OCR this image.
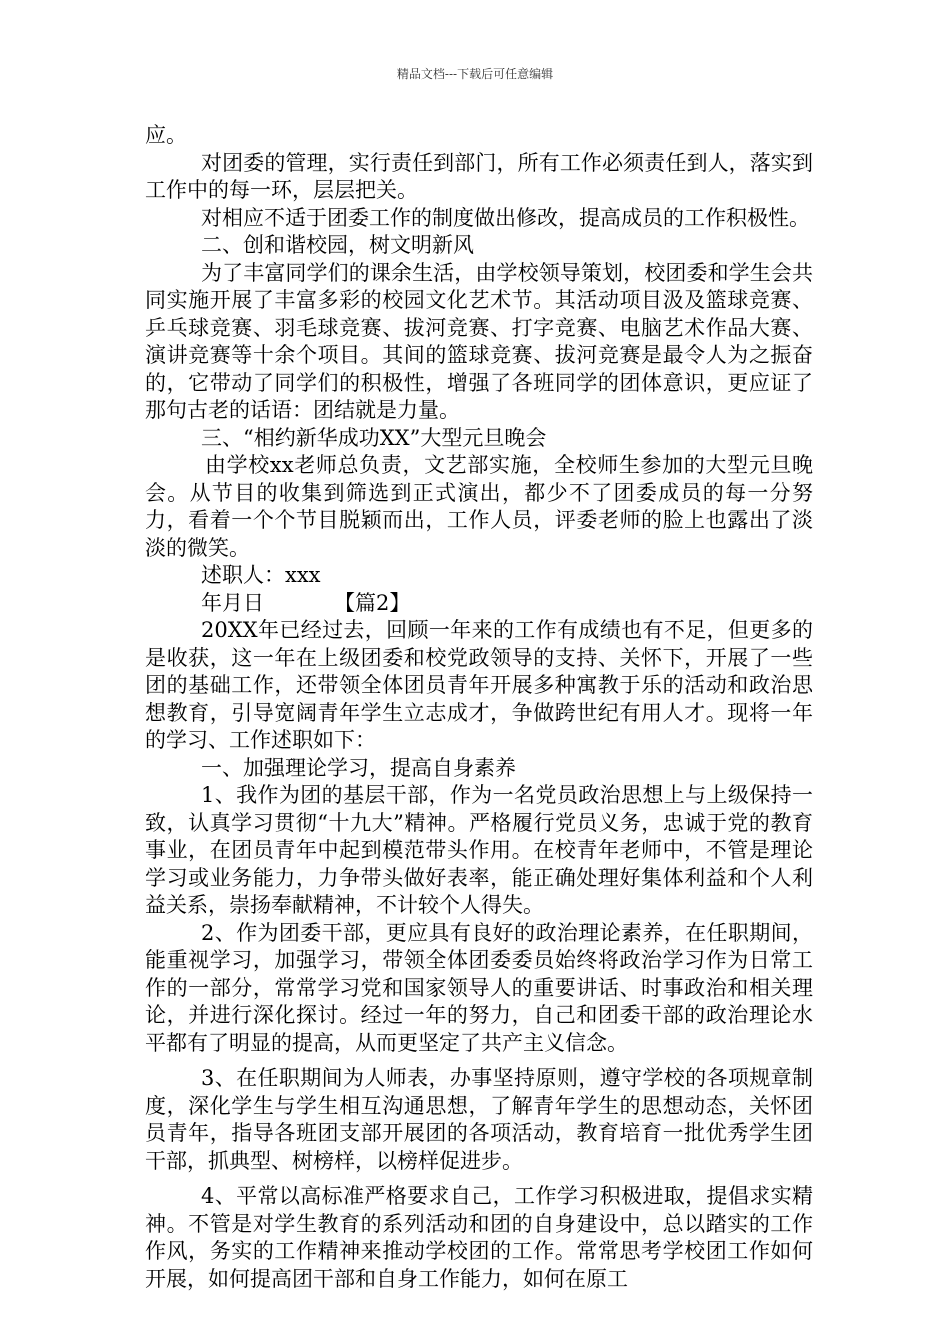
精品文档---下载后可任意编辑

应。

对团委的管理，实行责任到部门，所有工作必须责任到人，落实到工作中的每一环，层层把关。

对相应不适于团委工作的制度做出修改，提高成员的工作积极性。

二、创和谐校园，树文明新风

为了丰富同学们的课余生活，由学校领导策划，校团委和学生会共同实施开展了丰富多彩的校园文化艺术节。其活动项目汲及篮球竞赛、乒乓球竞赛、羽毛球竞赛、拔河竞赛、打字竞赛、电脑艺术作品大赛、演讲竞赛等十余个项目。其间的篮球竞赛、拔河竞赛是最令人为之振奋的，它带动了同学们的积极性，增强了各班同学的团体意识，更应证了那句古老的话语：团结就是力量。

三、“相约新华成功XX”大型元旦晚会

由学校xx老师总负责，文艺部实施，全校师生参加的大型元旦晚会。从节目的收集到筛选到正式演出，都少不了团委成员的每一分努力，看着一个个节目脱颖而出，工作人员，评委老师的脸上也露出了淡淡的微笑。

述职人：xxx

年月日	【篇2】

20XX年已经过去，回顾一年来的工作有成绩也有不足，但更多的是收获，这一年在上级团委和校党政领导的支持、关怀下，开展了一些团的基础工作，还带领全体团员青年开展多种寓教于乐的活动和政治思想教育，引导宽阔青年学生立志成才，争做跨世纪有用人才。现将一年的学习、工作述职如下：

一、加强理论学习，提高自身素养

1、我作为团的基层干部，作为一名党员政治思想上与上级保持一致，认真学习贯彻“十九大”精神。严格履行党员义务，忠诚于党的教育事业，在团员青年中起到模范带头作用。在校青年老师中，不管是理论学习或业务能力，力争带头做好表率，能正确处理好集体利益和个人利益关系，崇扬奉献精神，不计较个人得失。

2、作为团委干部，更应具有良好的政治理论素养，在任职期间，能重视学习，加强学习，带领全体团委委员始终将政治学习作为日常工作的一部分，常常学习党和国家领导人的重要讲话、时事政治和相关理论，并进行深化探讨。经过一年的努力，自己和团委干部的政治理论水平都有了明显的提高，从而更坚定了共产主义信念。

3、在任职期间为人师表，办事坚持原则，遵守学校的各项规章制度，深化学生与学生相互沟通思想，了解青年学生的思想动态，关怀团员青年，指导各班团支部开展团的各项活动，教育培育一批优秀学生团干部，抓典型、树榜样，以榜样促进步。

4、平常以高标准严格要求自己，工作学习积极进取，提倡求实精神。不管是对学生教育的系列活动和团的自身建设中，总以踏实的工作作风，务实的工作精神来推动学校团的工作。常常思考学校团工作如何开展，如何提高团干部和自身工作能力，如何在原工
